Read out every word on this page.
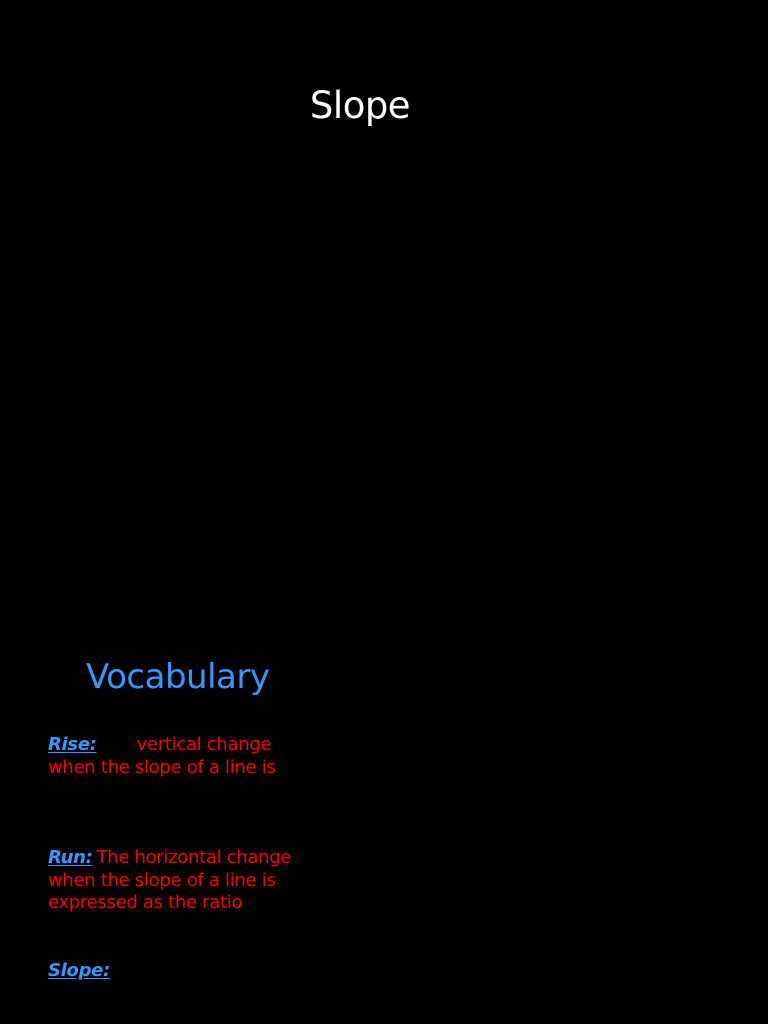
Slope
Vocabulary
Rise: vertical change
when the slope of a line is
Run: The horizontal change
when the slope of a line is
expressed as the ratio
Slope:
